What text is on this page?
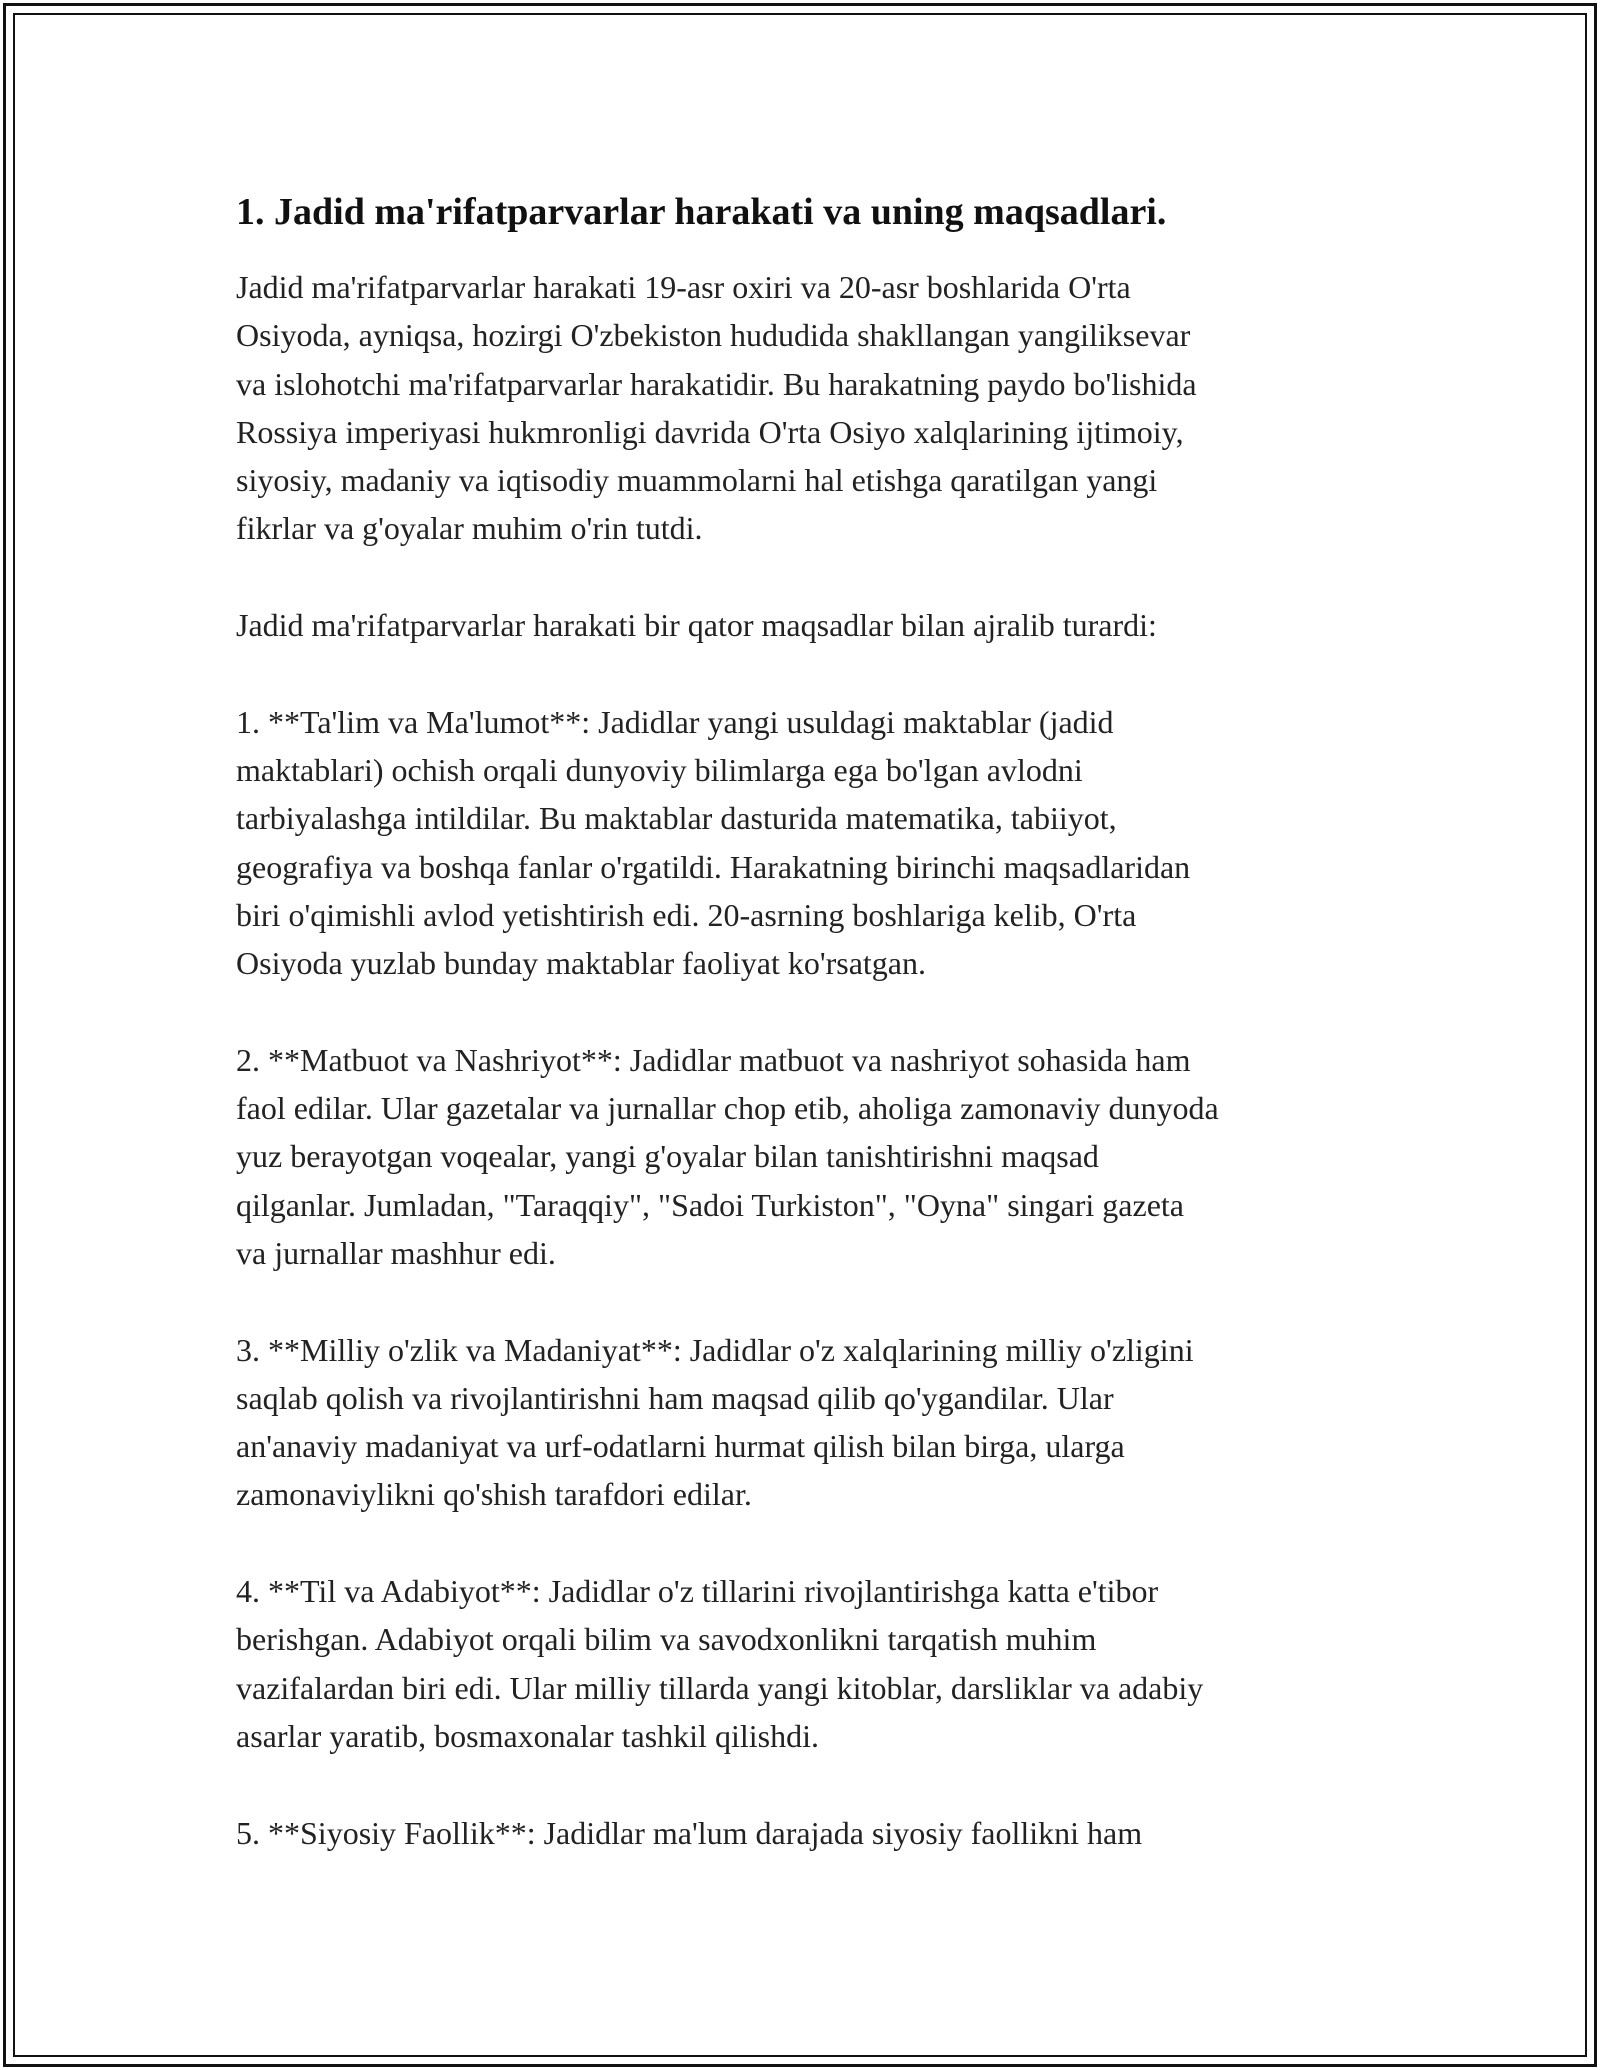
1. Jadid ma'rifatparvarlar harakati va uning maqsadlari.

Jadid ma'rifatparvarlar harakati 19-asr oxiri va 20-asr boshlarida O'rta
Osiyoda, ayniqsa, hozirgi O'zbekiston hududida shakllangan yangiliksevar
va islohotchi ma'rifatparvarlar harakatidir. Bu harakatning paydo bo'lishida
Rossiya imperiyasi hukmronligi davrida O'rta Osiyo xalqlarining ijtimoiy,
siyosiy, madaniy va iqtisodiy muammolarni hal etishga qaratilgan yangi
fikrlar va g'oyalar muhim o'rin tutdi.

Jadid ma'rifatparvarlar harakati bir qator maqsadlar bilan ajralib turardi:

1. **Ta'lim va Ma'lumot**: Jadidlar yangi usuldagi maktablar (jadid
maktablari) ochish orqali dunyoviy bilimlarga ega bo'lgan avlodni
tarbiyalashga intildilar. Bu maktablar dasturida matematika, tabiiyot,
geografiya va boshqa fanlar o'rgatildi. Harakatning birinchi maqsadlaridan
biri o'qimishli avlod yetishtirish edi. 20-asrning boshlariga kelib, O'rta
Osiyoda yuzlab bunday maktablar faoliyat ko'rsatgan.

2. **Matbuot va Nashriyot**: Jadidlar matbuot va nashriyot sohasida ham
faol edilar. Ular gazetalar va jurnallar chop etib, aholiga zamonaviy dunyoda
yuz berayotgan voqealar, yangi g'oyalar bilan tanishtirishni maqsad
qilganlar. Jumladan, "Taraqqiy", "Sadoi Turkiston", "Oyna" singari gazeta
va jurnallar mashhur edi.

3. **Milliy o'zlik va Madaniyat**: Jadidlar o'z xalqlarining milliy o'zligini
saqlab qolish va rivojlantirishni ham maqsad qilib qo'ygandilar. Ular
an'anaviy madaniyat va urf-odatlarni hurmat qilish bilan birga, ularga
zamonaviylikni qo'shish tarafdori edilar.

4. **Til va Adabiyot**: Jadidlar o'z tillarini rivojlantirishga katta e'tibor
berishgan. Adabiyot orqali bilim va savodxonlikni tarqatish muhim
vazifalardan biri edi. Ular milliy tillarda yangi kitoblar, darsliklar va adabiy
asarlar yaratib, bosmaxonalar tashkil qilishdi.

5. **Siyosiy Faollik**: Jadidlar ma'lum darajada siyosiy faollikni ham
